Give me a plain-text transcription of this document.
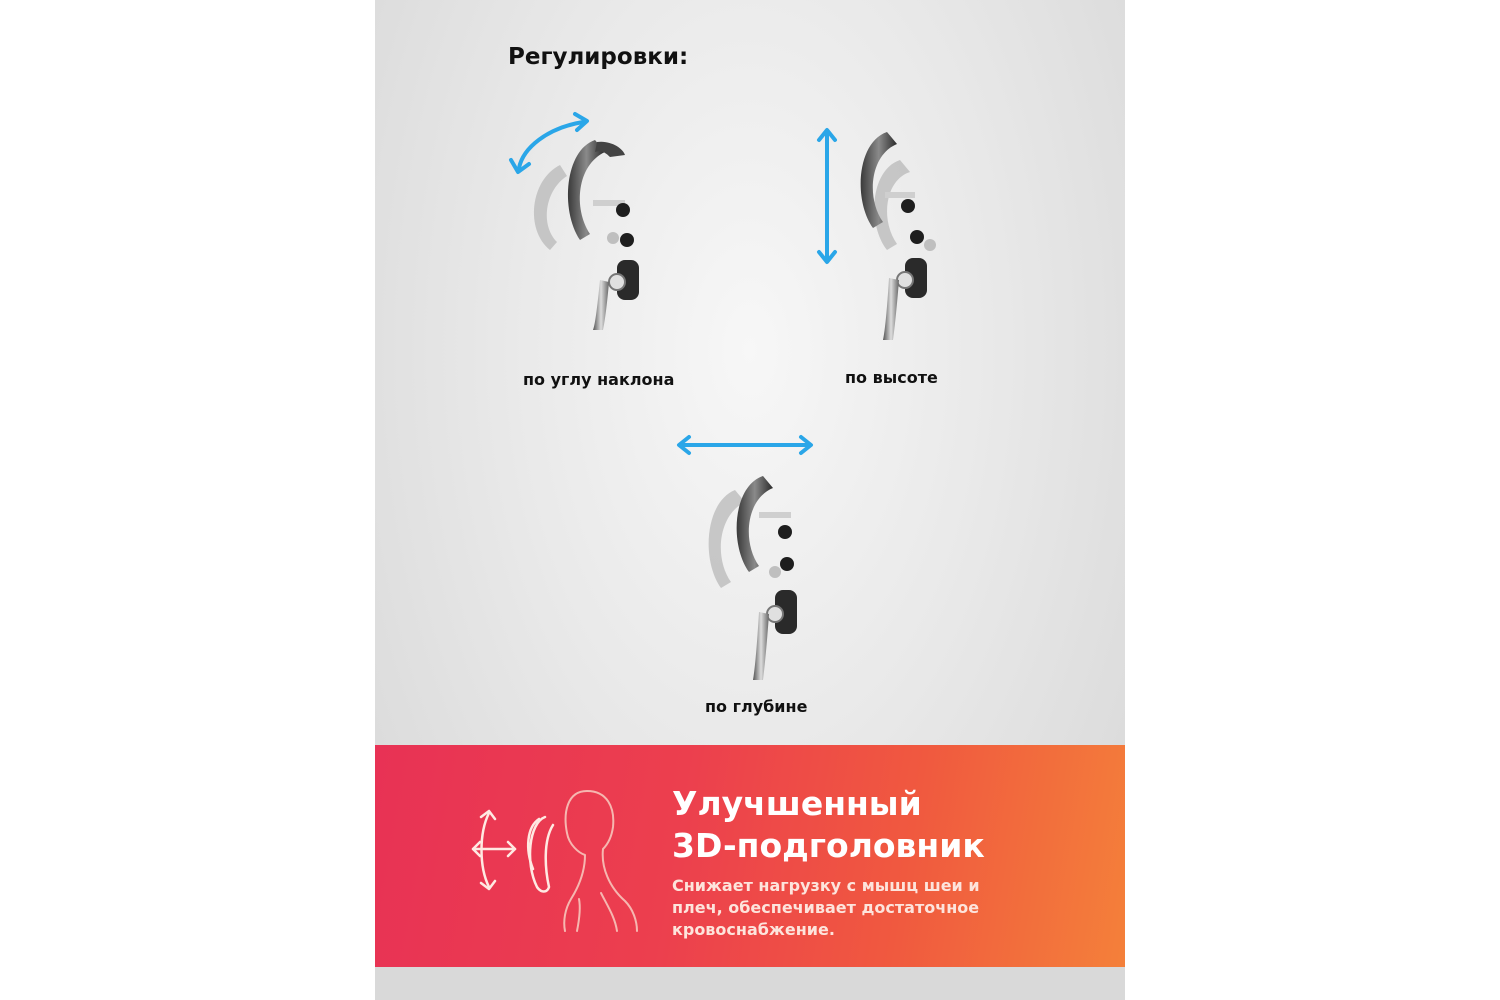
Регулировки:
по углу наклона	по высоте
по глубине
Улучшенный
3D-подголовник
Снижает нагрузку с мышц шеи и плеч, обеспечивает достаточное кровоснабжение.
